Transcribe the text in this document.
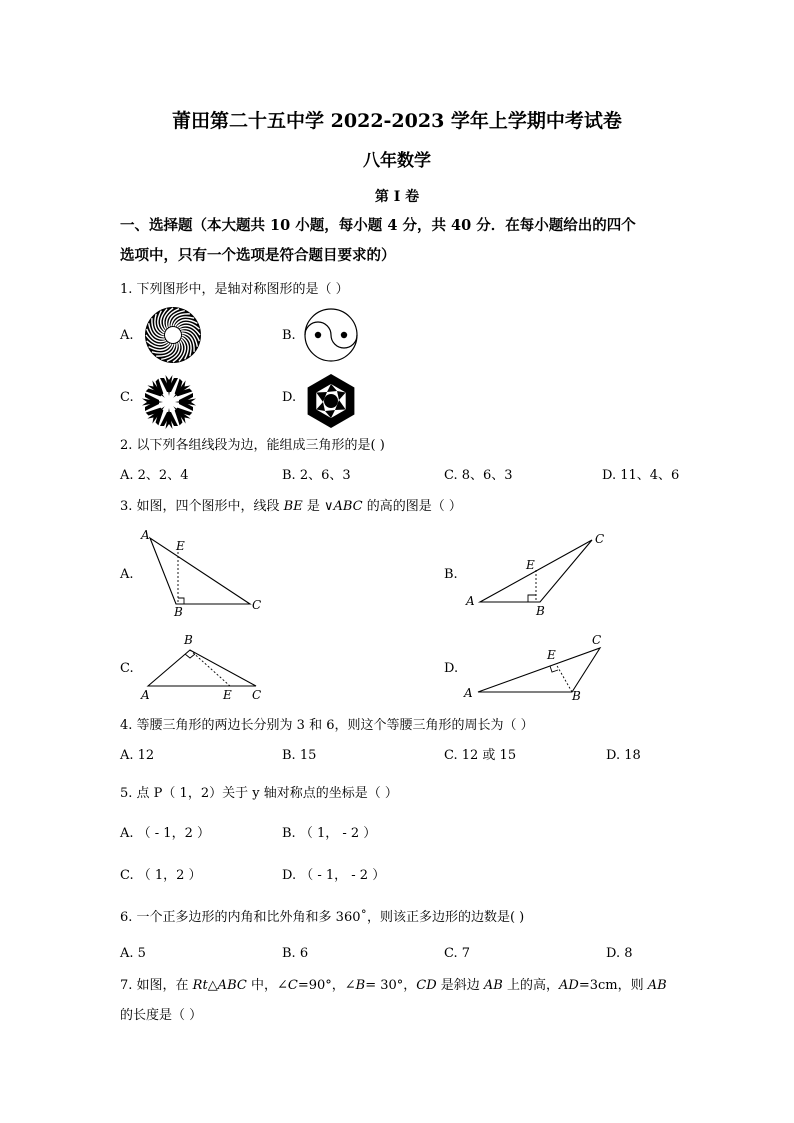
莆田第二十五中学 2022-2023 学年上学期中考试卷
八年数学
第 I 卷
一、选择题（本大题共 10 小题，每小题 4 分，共 40 分．在每小题给出的四个
选项中，只有一个选项是符合题目要求的）
1. 下列图形中，是轴对称图形的是（ ）
A.	B.
C.	D.
2. 以下列各组线段为边，能组成三角形的是( )
A. 2、2、4	B. 2、6、3	C. 8、6、3	D. 11、4、6
3. 如图，四个图形中，线段 BE 是 ∨ABC 的高的图是（ ）
A.	B.
C.	D.
A
E
B	C	A
E
B
C
B
A	E C	A
E
B
C
4. 等腰三角形的两边长分别为 3 和 6，则这个等腰三角形的周长为（ ）
A. 12	B. 15	C. 12 或 15	D. 18
5. 点 P（ 1，2）关于 y 轴对称点的坐标是（ ）
A. （ - 1，2 ）	B. （ 1， - 2 ）
C. （ 1，2 ）	D. （ - 1， - 2 ）
6. 一个正多边形的内角和比外角和多 360˚，则该正多边形的边数是( )
A. 5	B. 6	C. 7	D. 8
7. 如图，在 Rt△ABC 中，∠C=90°，∠B= 30°，CD 是斜边 AB 上的高，AD=3cm，则 AB
的长度是（ ）
